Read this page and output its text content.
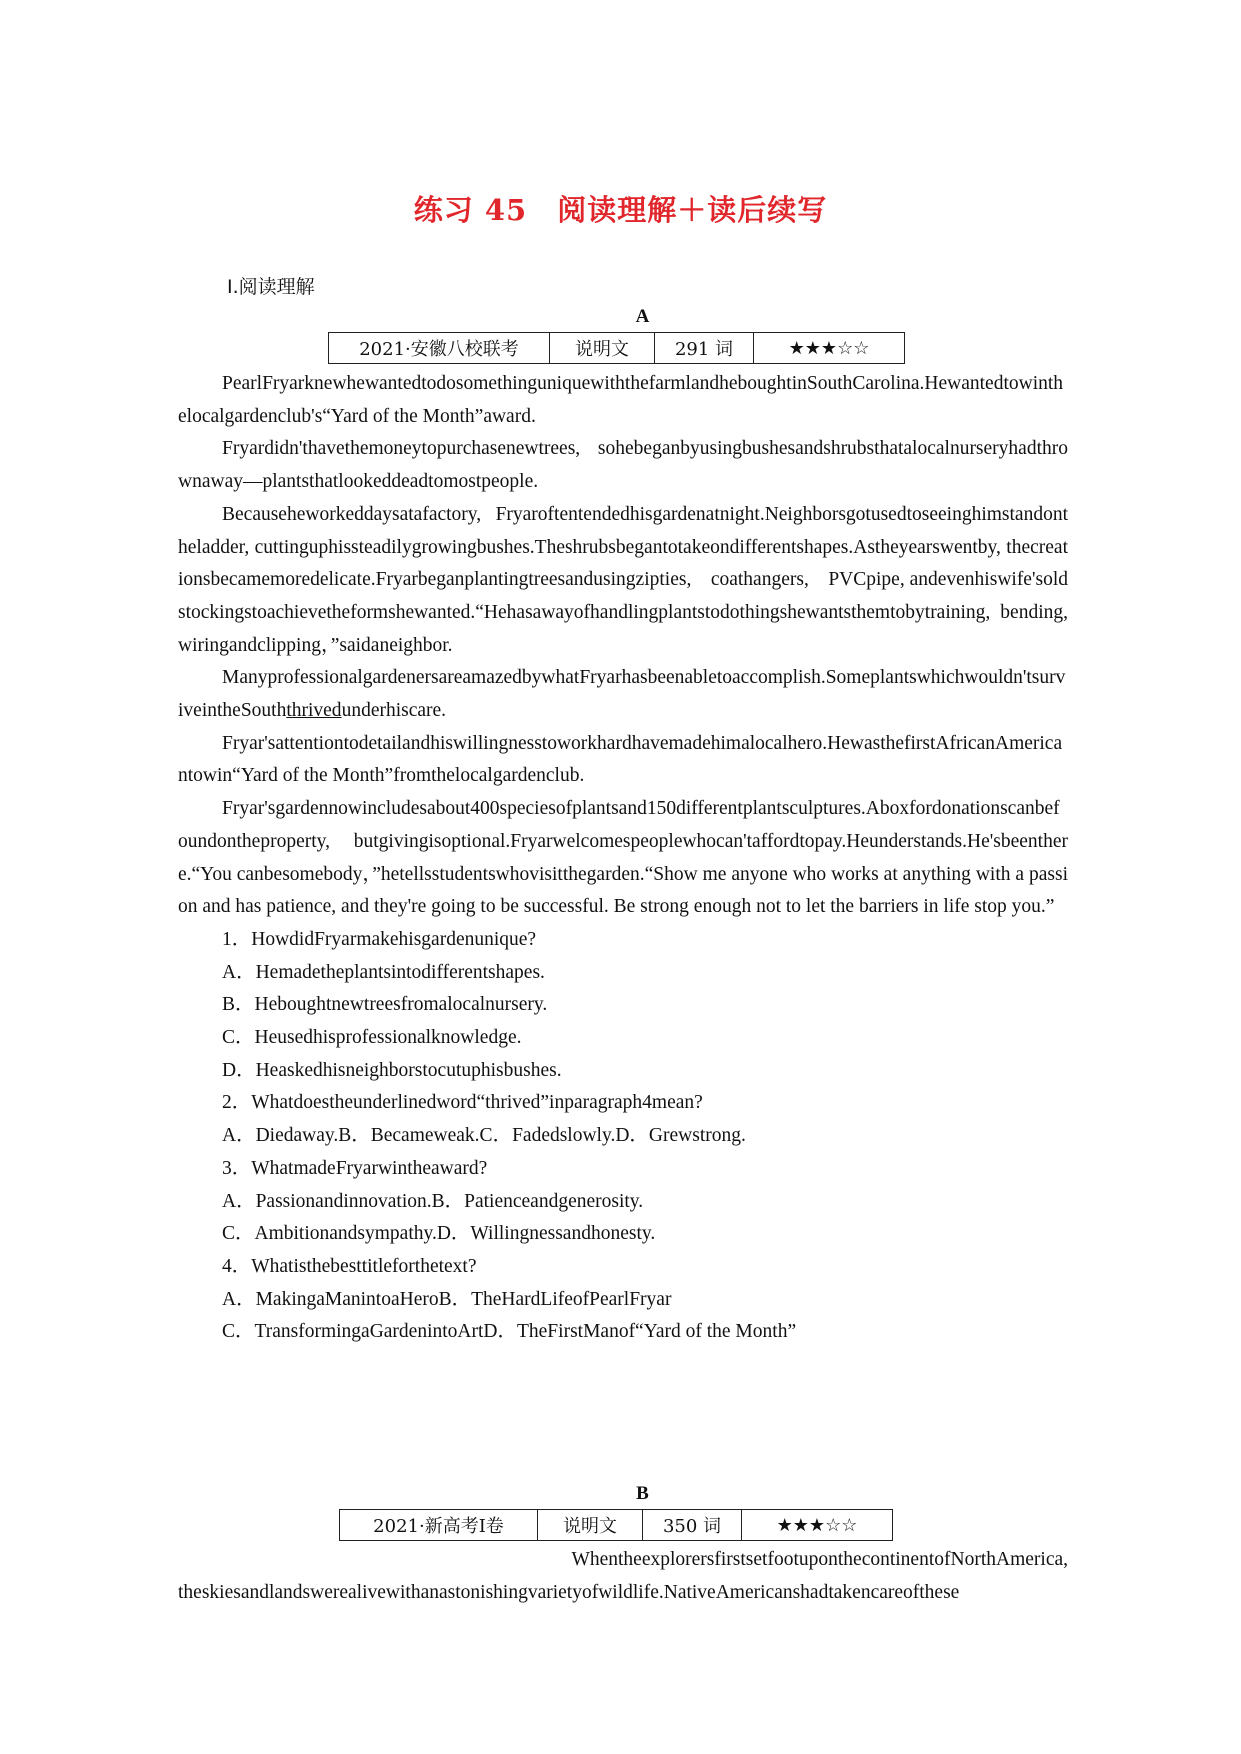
练习 45　阅读理解＋读后续写
Ⅰ.阅读理解
A
2021·安徽八校联考	说明文	291 词	★★★☆☆

PearlFryarknewhewantedtodosomethinguniquewiththefarmlandheboughtinSouthCarolina.Hewantedtowinthelocalgardenclub's“Yard of the Month”award.

Fryardidn'thavethemoneytopurchasenewtrees, sohebeganbyusingbushesandshrubsthatalocalnurseryhadthrownaway—plantsthatlookeddeadtomostpeople.

Becauseheworkeddaysatafactory, Fryaroftentendedhisgardenatnight.Neighborsgotusedtoseeinghimstandontheladder, cuttinguphissteadilygrowingbushes.Theshrubsbegantotakeondifferentshapes.Astheyearswentby, thecreationsbecamemoredelicate.Fryarbeganplantingtreesandusingzipties,　coathangers,　PVCpipe, andevenhiswife'soldstockingstoachievetheformshewanted.“Hehasawayofhandlingplantstodothingshewantsthemtobytraining, bending, wiringandclipping，”saidaneighbor.

ManyprofessionalgardenersareamazedbywhatFryarhasbeenabletoaccomplish.Someplantswhichwouldn'tsurviveintheSouththrivedunderhiscare.

Fryar'sattentiontodetailandhiswillingnesstoworkhardhavemadehimalocalhero.HewasthefirstAfricanAmericantowin“Yard of the Month”fromthelocalgardenclub.

Fryar'sgardennowincludesabout400speciesofplantsand150differentplantsculptures.Aboxfordonationscanbefoundontheproperty, butgivingisoptional.Fryarwelcomespeoplewhocan'taffordtopay.Heunderstands.He'sbeenthere.“You canbesomebody，”hetellsstudentswhovisitthegarden.“Show me anyone who works at anything with a passion and has patience, and they're going to be successful. Be strong enough not to let the barriers in life stop you.”

1．HowdidFryarmakehisgardenunique?

A．Hemadetheplantsintodifferentshapes.

B．Heboughtnewtreesfromalocalnursery.

C．Heusedhisprofessionalknowledge.

D．Heaskedhisneighborstocutuphisbushes.

2．Whatdoestheunderlinedword“thrived”inparagraph4mean?

A．Diedaway.B．Becameweak.C．Fadedslowly.D．Grewstrong.

3．WhatmadeFryarwintheaward?

A．Passionandinnovation.B．Patienceandgenerosity.

C．Ambitionandsympathy.D．Willingnessandhonesty.

4．Whatisthebesttitleforthetext?

A．MakingaManintoaHeroB．TheHardLifeofPearlFryar

C．TransformingaGardenintoArtD．TheFirstManof“Yard of the Month”

B
2021·新高考Ⅰ卷	说明文	350 词	★★★☆☆

WhentheexplorersfirstsetfootuponthecontinentofNorthAmerica,

theskiesandlandswerealivewithanastonishingvarietyofwildlife.NativeAmericanshadtakencareofthese
